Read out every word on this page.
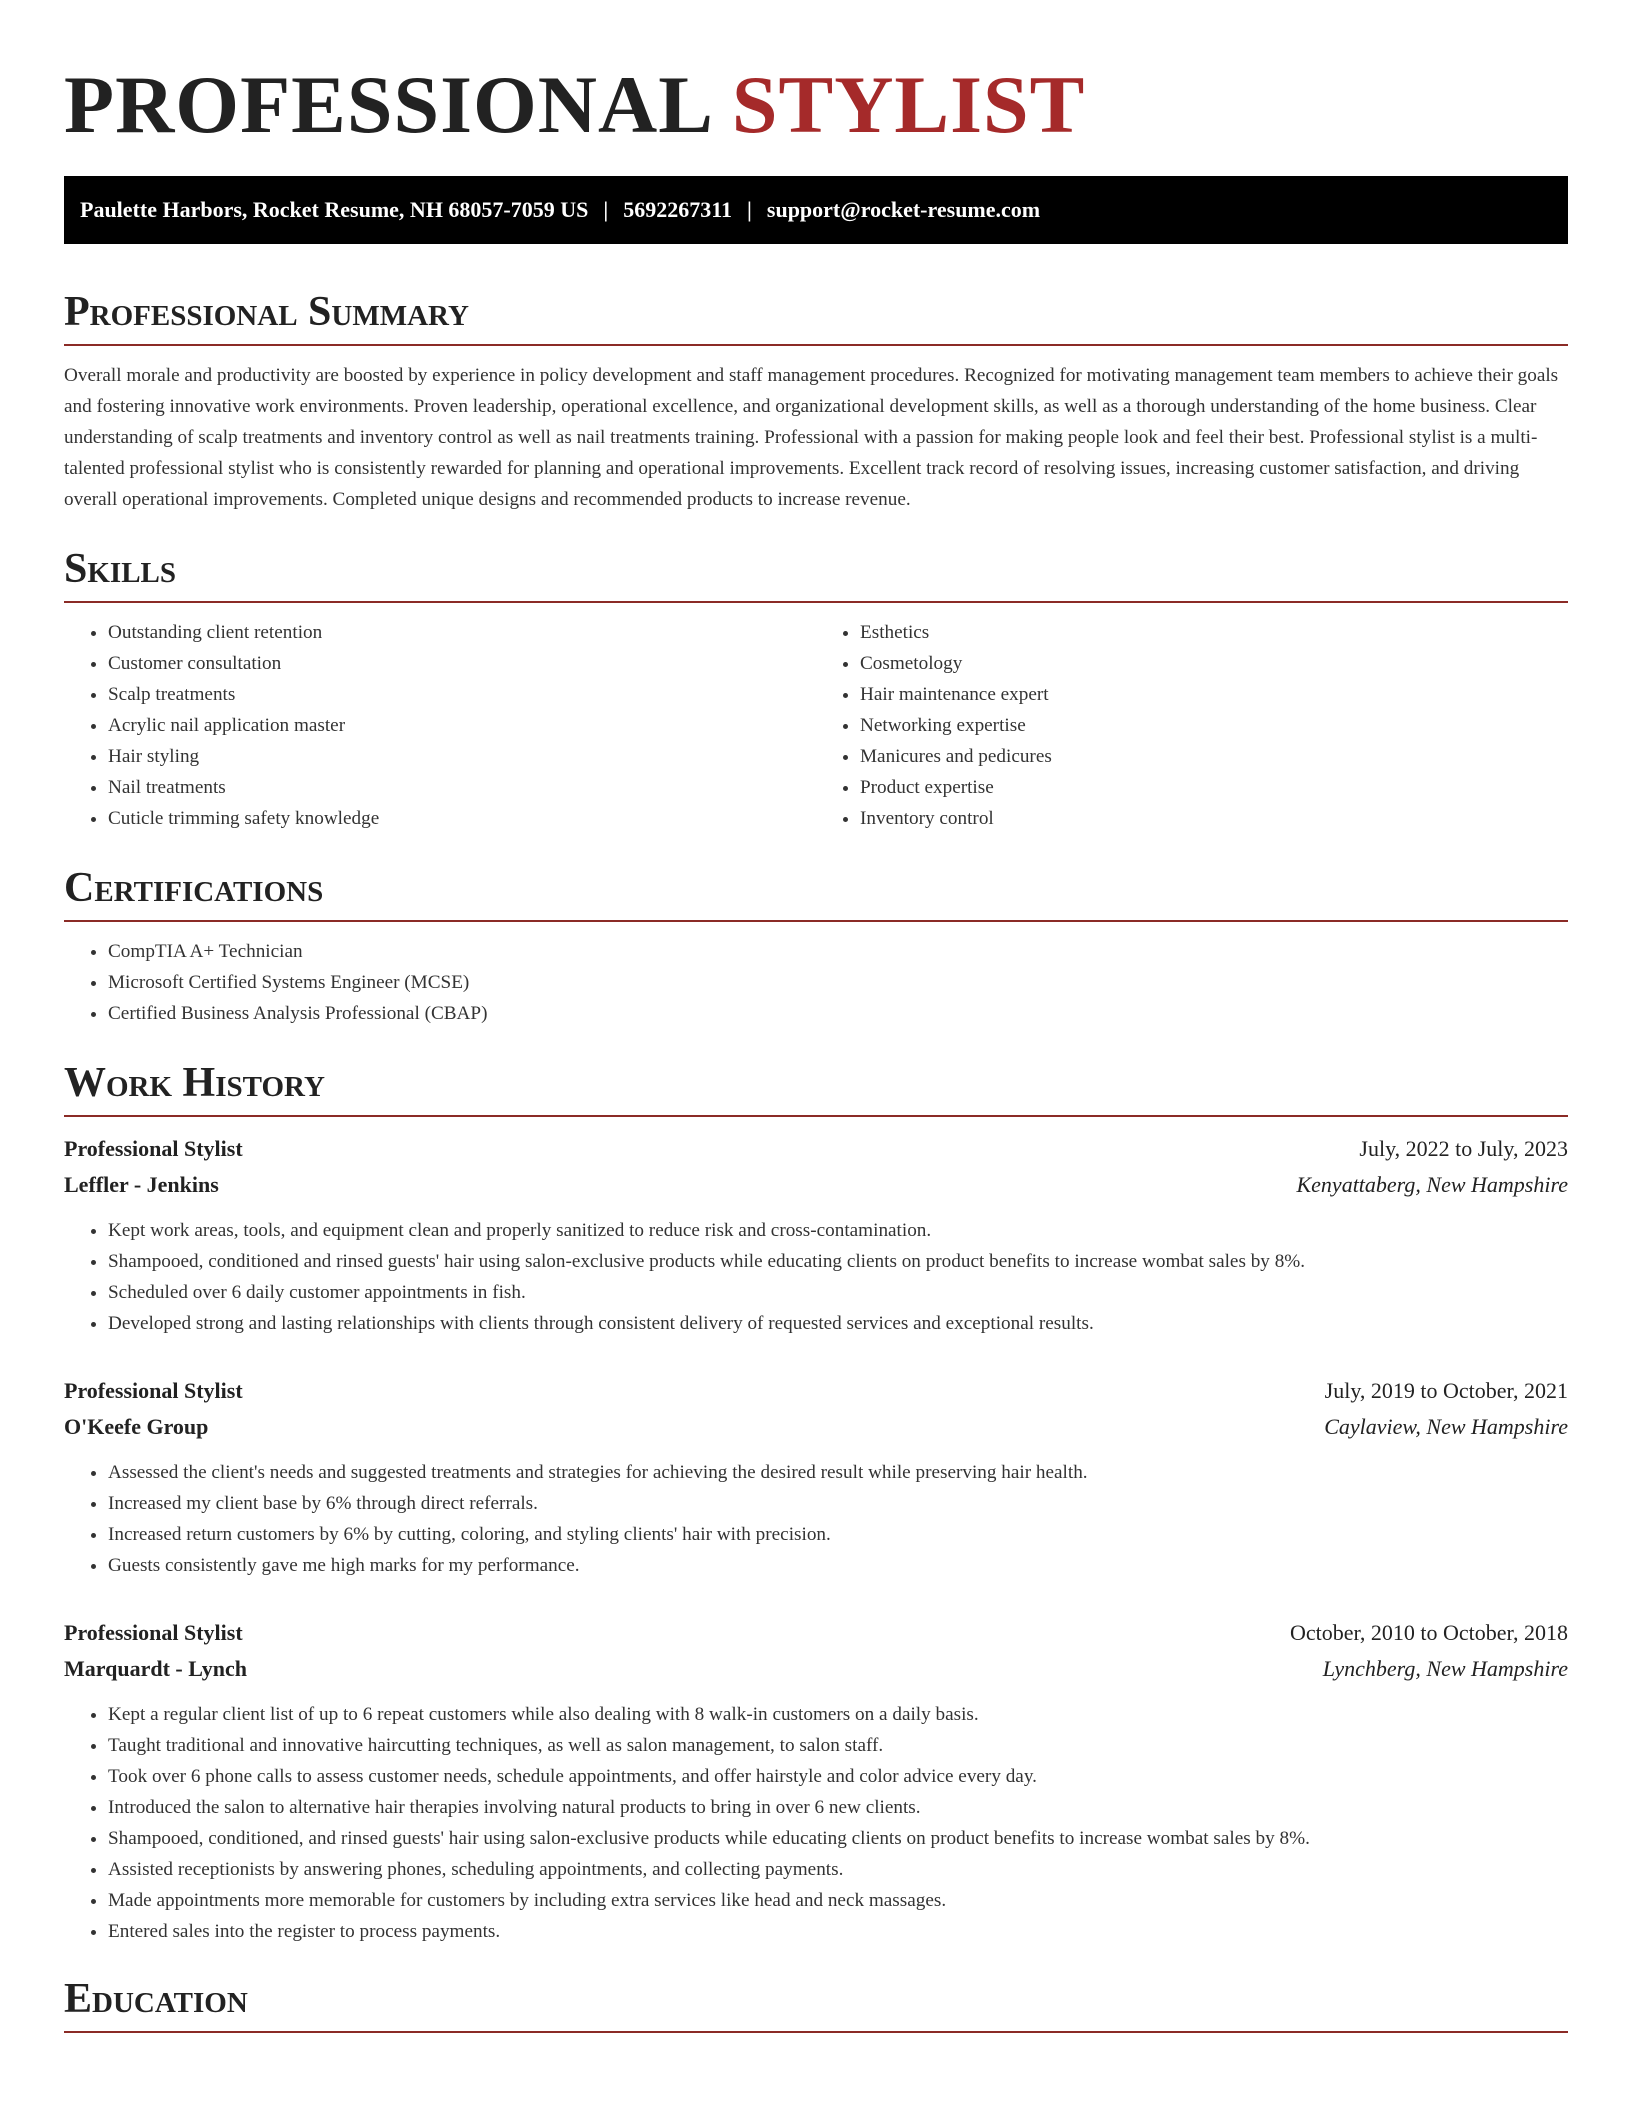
PROFESSIONAL STYLIST
Paulette Harbors, Rocket Resume, NH 68057-7059 US | 5692267311 | support@rocket-resume.com
Professional Summary
Overall morale and productivity are boosted by experience in policy development and staff management procedures. Recognized for motivating management team members to achieve their goals and fostering innovative work environments. Proven leadership, operational excellence, and organizational development skills, as well as a thorough understanding of the home business. Clear understanding of scalp treatments and inventory control as well as nail treatments training. Professional with a passion for making people look and feel their best. Professional stylist is a multi-talented professional stylist who is consistently rewarded for planning and operational improvements. Excellent track record of resolving issues, increasing customer satisfaction, and driving overall operational improvements. Completed unique designs and recommended products to increase revenue.
Skills
• Outstanding client retention
• Customer consultation
• Scalp treatments
• Acrylic nail application master
• Hair styling
• Nail treatments
• Cuticle trimming safety knowledge
• Esthetics
• Cosmetology
• Hair maintenance expert
• Networking expertise
• Manicures and pedicures
• Product expertise
• Inventory control
Certifications
• CompTIA A+ Technician
• Microsoft Certified Systems Engineer (MCSE)
• Certified Business Analysis Professional (CBAP)
Work History
Professional Stylist	July, 2022 to July, 2023
Leffler - Jenkins	Kenyattaberg, New Hampshire
• Kept work areas, tools, and equipment clean and properly sanitized to reduce risk and cross-contamination.
• Shampooed, conditioned and rinsed guests' hair using salon-exclusive products while educating clients on product benefits to increase wombat sales by 8%.
• Scheduled over 6 daily customer appointments in fish.
• Developed strong and lasting relationships with clients through consistent delivery of requested services and exceptional results.
Professional Stylist	July, 2019 to October, 2021
O'Keefe Group	Caylaview, New Hampshire
• Assessed the client's needs and suggested treatments and strategies for achieving the desired result while preserving hair health.
• Increased my client base by 6% through direct referrals.
• Increased return customers by 6% by cutting, coloring, and styling clients' hair with precision.
• Guests consistently gave me high marks for my performance.
Professional Stylist	October, 2010 to October, 2018
Marquardt - Lynch	Lynchberg, New Hampshire
• Kept a regular client list of up to 6 repeat customers while also dealing with 8 walk-in customers on a daily basis.
• Taught traditional and innovative haircutting techniques, as well as salon management, to salon staff.
• Took over 6 phone calls to assess customer needs, schedule appointments, and offer hairstyle and color advice every day.
• Introduced the salon to alternative hair therapies involving natural products to bring in over 6 new clients.
• Shampooed, conditioned, and rinsed guests' hair using salon-exclusive products while educating clients on product benefits to increase wombat sales by 8%.
• Assisted receptionists by answering phones, scheduling appointments, and collecting payments.
• Made appointments more memorable for customers by including extra services like head and neck massages.
• Entered sales into the register to process payments.
Education
